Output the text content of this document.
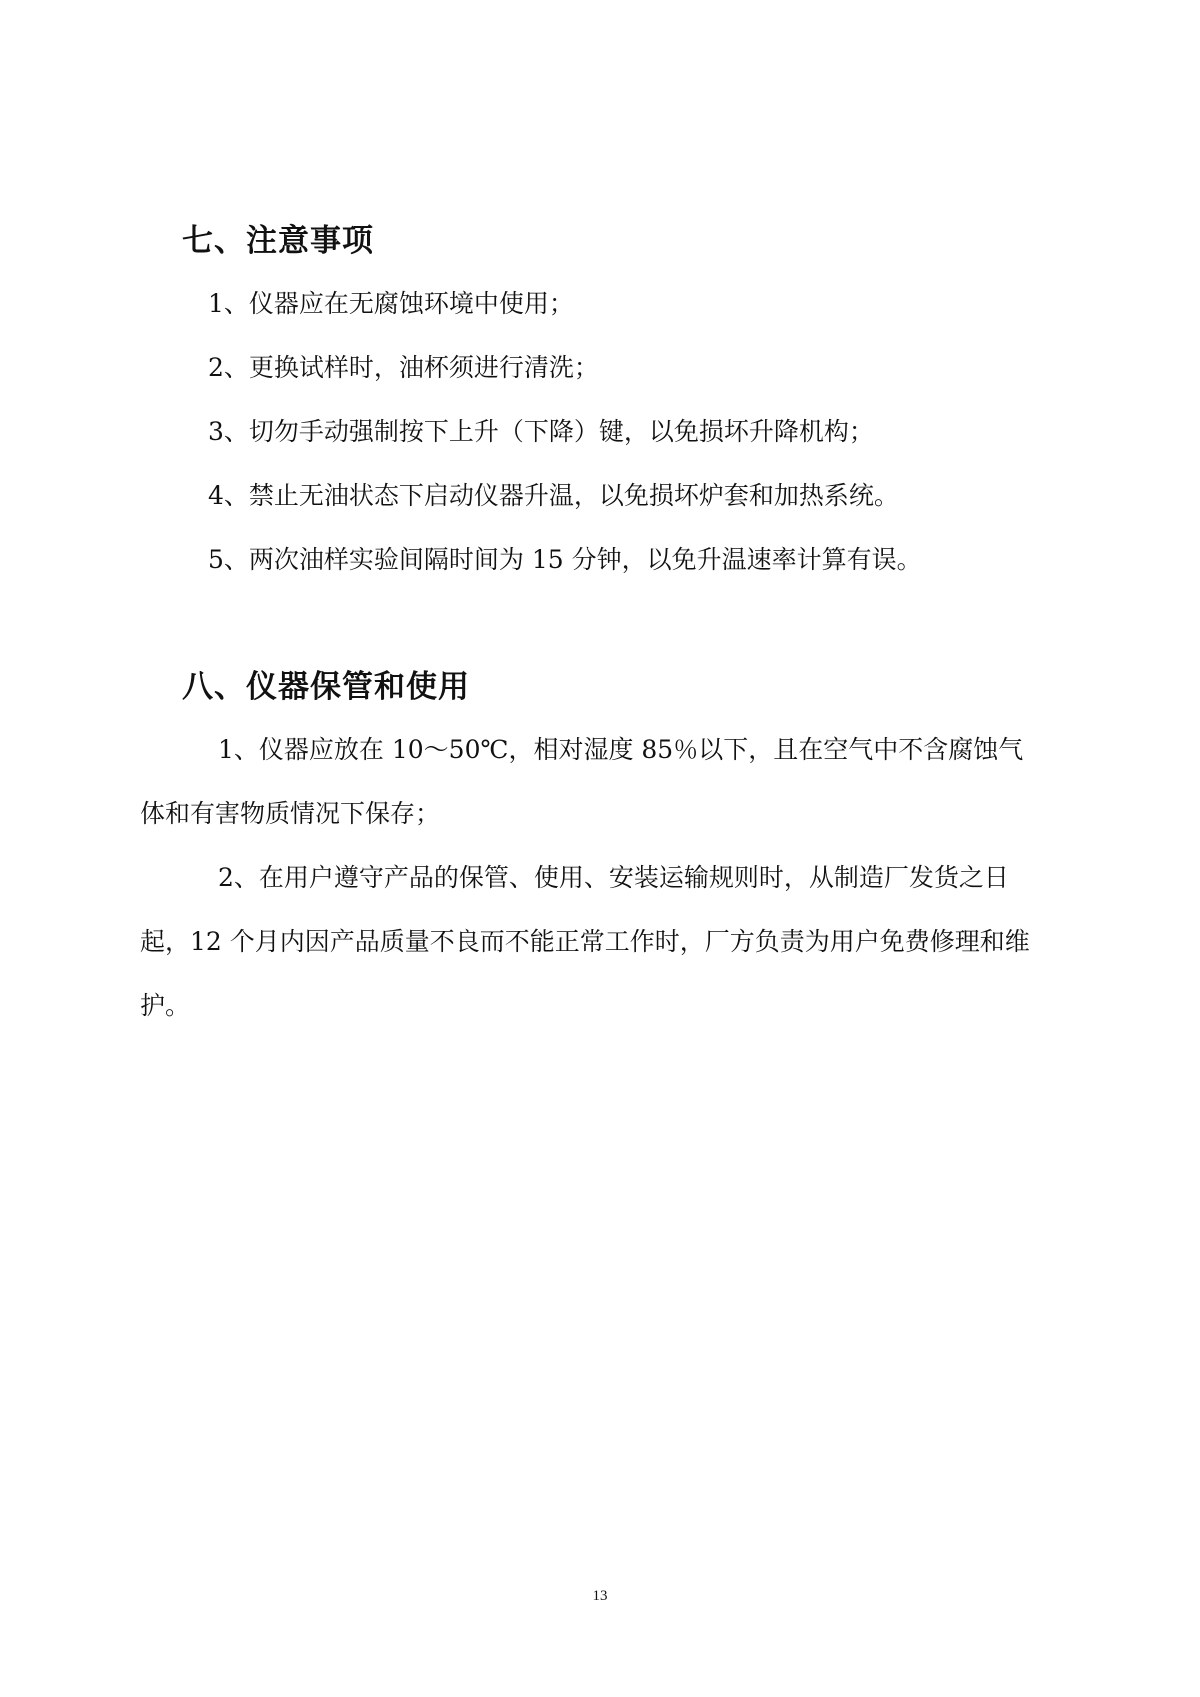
七、注意事项
1、仪器应在无腐蚀环境中使用；
2、更换试样时，油杯须进行清洗；
3、切勿手动强制按下上升（下降）键，以免损坏升降机构；
4、禁止无油状态下启动仪器升温，以免损坏炉套和加热系统。
5、两次油样实验间隔时间为 15 分钟，以免升温速率计算有误。
八、仪器保管和使用

1、仪器应放在 10～50℃，相对湿度 85％以下，且在空气中不含腐蚀气体和有害物质情况下保存；

2、在用户遵守产品的保管、使用、安装运输规则时，从制造厂发货之日起，12 个月内因产品质量不良而不能正常工作时，厂方负责为用户免费修理和维护。

13
